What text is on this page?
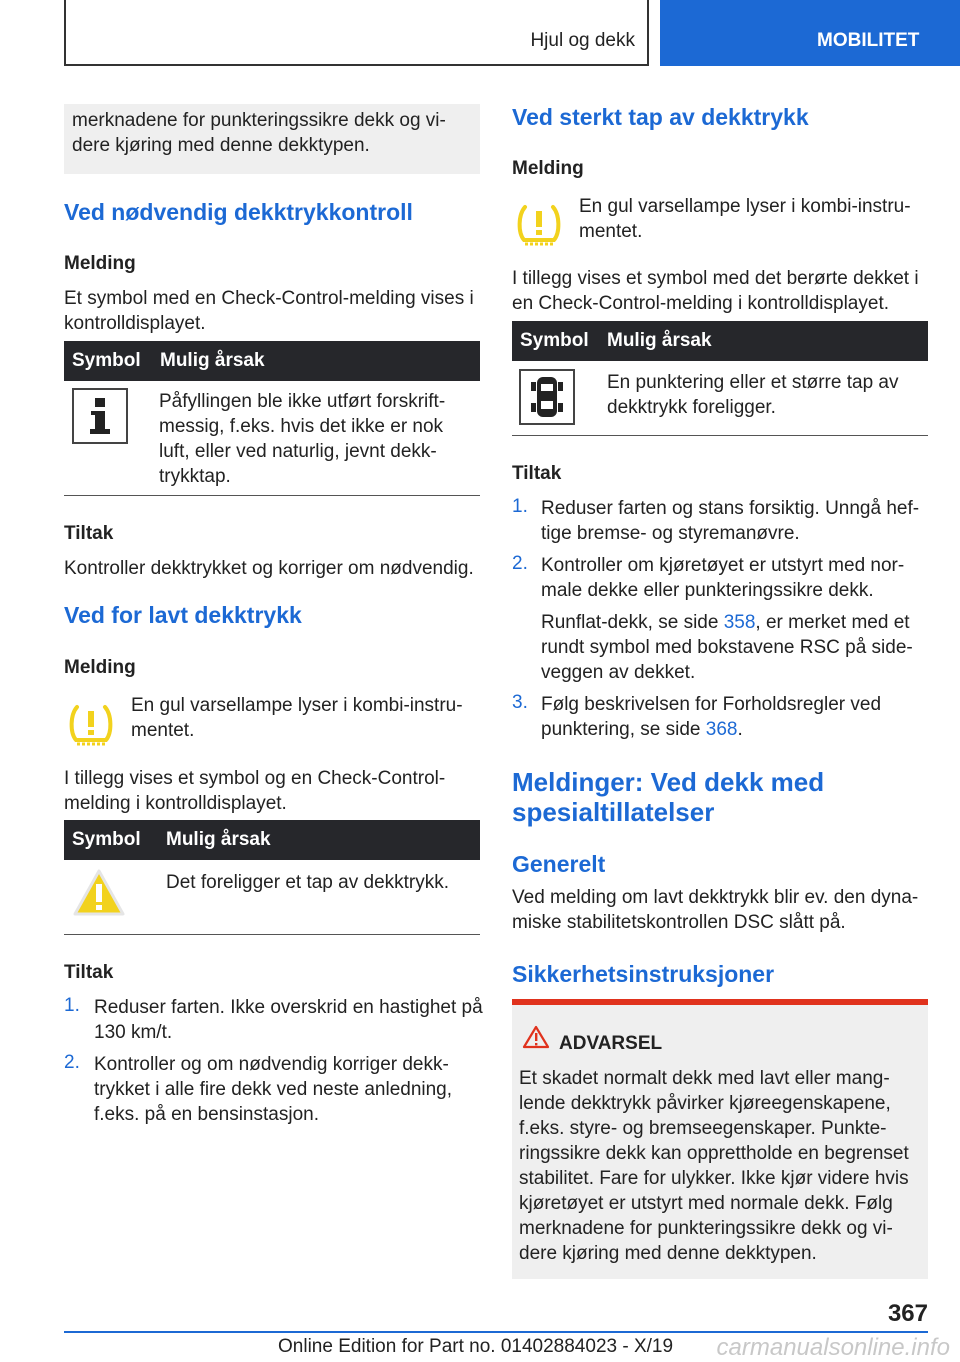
Hjul og dekk	MOBILITET
merknadene for punkteringssikre dekk og vi-
dere kjøring med denne dekktypen.
Ved nødvendig dekktrykkontroll
Melding
Et symbol med en Check-Control-melding vises i
kontrolldisplayet.
Symbol Mulig årsak
Påfyllingen ble ikke utført forskrift-
messig, f.eks. hvis det ikke er nok
luft, eller ved naturlig, jevnt dekk-
trykktap.
Tiltak
Kontroller dekktrykket og korriger om nødvendig.
Ved for lavt dekktrykk
Melding
En gul varsellampe lyser i kombi-instru-
mentet.
I tillegg vises et symbol og en Check-Control-
melding i kontrolldisplayet.
Symbol Mulig årsak
Det foreligger et tap av dekktrykk.
Tiltak
1. Reduser farten. Ikke overskrid en hastighet på
130 km/t.
2. Kontroller og om nødvendig korriger dekk-
trykket i alle fire dekk ved neste anledning,
f.eks. på en bensinstasjon.
Ved sterkt tap av dekktrykk
Melding
En gul varsellampe lyser i kombi-instru-
mentet.
I tillegg vises et symbol med det berørte dekket i
en Check-Control-melding i kontrolldisplayet.
Symbol Mulig årsak
En punktering eller et større tap av
dekktrykk foreligger.
Tiltak
1. Reduser farten og stans forsiktig. Unngå hef-
tige bremse- og styremanøvre.
2. Kontroller om kjøretøyet er utstyrt med nor-
male dekke eller punkteringssikre dekk.
Runflat-dekk, se side 358, er merket med et
rundt symbol med bokstavene RSC på side-
veggen av dekket.
3. Følg beskrivelsen for Forholdsregler ved
punktering, se side 368.
Meldinger: Ved dekk med
spesialtillatelser
Generelt
Ved melding om lavt dekktrykk blir ev. den dyna-
miske stabilitetskontrollen DSC slått på.
Sikkerhetsinstruksjoner
ADVARSEL
Et skadet normalt dekk med lavt eller mang-
lende dekktrykk påvirker kjøreegenskapene,
f.eks. styre- og bremseegenskaper. Punkte-
ringssikre dekk kan opprettholde en begrenset
stabilitet. Fare for ulykker. Ikke kjør videre hvis
kjøretøyet er utstyrt med normale dekk. Følg
merknadene for punkteringssikre dekk og vi-
dere kjøring med denne dekktypen.
367
Online Edition for Part no. 01402884023 - X/19 carmanualsonline.info
